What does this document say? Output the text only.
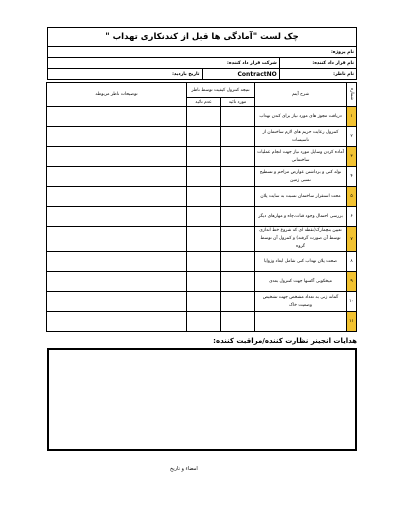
چک لست "آمادگی ها قبل از کندنکاری تهداب "		
نام پروژه:		
نام قرار داد کننده:	شرکت قرار داد کننده:	
نام ناظر:	ContractNO	تاریخ بازدید:
شماره	شرح آیتم	نتیجه کنترول کیفیت توسط ناظر		توضیحات ناظر مربوطه
		مورد تائید	عدم تائید	
۱	دریافت مجوز های مورد نیاز برای کندن تهداب			
۲	کنترول رعایت حریم های لازم ساختمان از تاسیسات			
۳	آماده کردن وسایل مورد نیاز جهت انجام عملیات ساختمانی			
۴	نوله کنی و برداشتن عوارض مزاحم و تسطیح نسبی زمین			
۵	محت استقرار ساختمان نسبت به سایت پلان			
۶	بررسی احتمال وجود قنات،چاه و مهارهای دیگر			
۷	تعیین بنچمارک(نقطه ای که شروع خط اندازی توسط آن صورت گرفته) و کنترول آن توسط گروه			
۸	صحت پلان تهداب کنی شامل ابعاد وزوایا			
۹	میخکوبی آکسها جهت کنترول بعدی			
۱۰	گمانه زنی به تعداد مشخص جهت تشخیص وضعیت خاک			
۱۱				
هدایات انجینر نظارت کننده/مراقبت کننده:
امضاء و تاریخ
